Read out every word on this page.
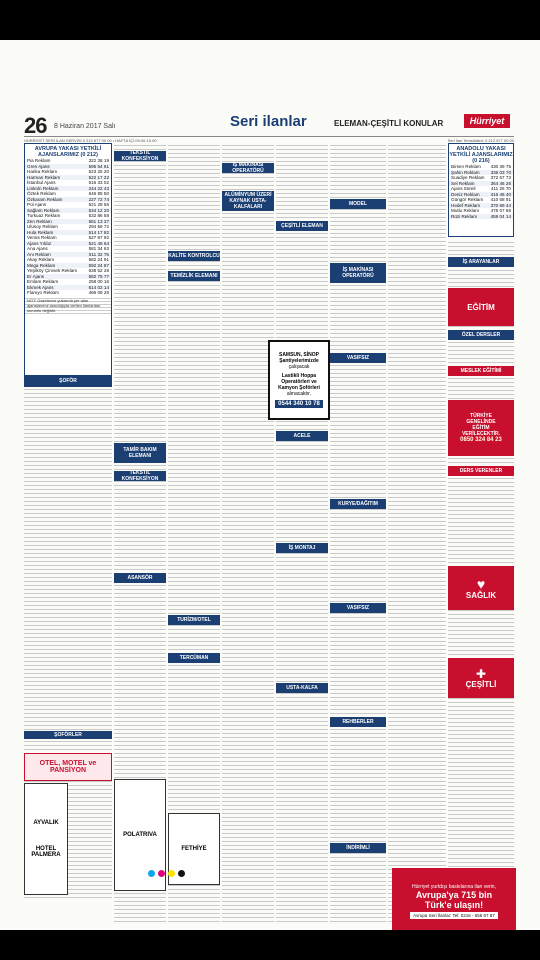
26 8 Haziran 2017 Salı	Seri ilanlar	ELEMAN-ÇEŞİTLİ KONULAR	Hürriyet
HÜRRİYET SERİ İLAN SERVİSİ 0 212 677 00 00 • HAFTA İÇİ 09.00-19.00	Seri İlan Temsilcileri: 0 212 677 00 00
AVRUPA YAKASI YETKİLİ AJANSLARIMIZ (0 212)
Pia Reklam	322 38 19
Gren Ajans	595 54 61
Harika Reklam	523 25 20
Harman Reklam	522 17 22
İstanbul Ajans	516 33 02
Linkoln Reklam	244 22 43
Öztek Reklam	646 85 50
Özkaram Reklam	227 72 74
Pol Ajans	521 28 56
Sağlam Reklam	534 12 20
Turkuaz Reklam	632 86 58
Zen Reklam	561 13 37
Ulusoy Reklam	294 59 72
Hula Reklam	514 17 82
Venüs Reklam	527 97 92
Ajans Yıldız	521 46 64
Ana Ajans	581 34 63
Anı Reklam	511 32 75
Akay Reklam	582 24 91
Mega Reklam	592 24 87
Yeşilköy Çimsek Reklam	638 52 28
Er Ajans	582 75 77
Emlam Reklam	258 00 16
Ekmek Ajans	614 02 14
Flamyo Reklam	466 08 26
NOT: Gazetemiz yukarıda yer alan ajanslarımız aracılığıyla verilen ilanlardan sorumlu değildir.
ŞOFÖR
ŞOFÖRLER
OTEL, MOTEL ve PANSİYON
AYVALIK
HOTEL PALMERA
TEKSTİL KONFEKSİYON
TAMİR BAKIM ELEMANI
TEKSTİL KONFEKSİYON
ASANSÖR
POLATRIVA
KALİTE KONTROLCU
TEMİZLİK ELEMANI
TURİZM/OTEL
TERCÜMAN
FETHİYE
İŞ MAKİNASI OPERATÖRÜ
ALÜMİNYUM ÜZERİ KAYNAK USTA-KALFALARI
ÇEŞİTLİ ELEMAN
ACELE
İŞ MONTAJ
USTA-KALFA
SAMSUN, SİNOP
Şantiyelerimizde
çalışacak
Lastikli Hoppa
Operatörleri ve
Kamyon Şoförleri
alınacaktır.
0544 340 10 78
MODEL
İŞ MAKİNASI OPERATÖRÜ
VASIFSIZ
KURYE/DAĞITIM
VASIFSIZ
REHBERLER
İNDİRİMLİ
ANADOLU YAKASI YETKİLİ AJANSLARIMIZ (0 216)
Birsen Reklam	430 39 75
Şahin Reklam	336 03 70
Suadiye Reklam	372 67 73
Sel Reklam	364 46 26
Ajans Süreli	411 26 70
Deniz Reklam	416 46 40
Güngör Reklam	410 58 91
Hedef Reklam	370 69 44
Mutlu Reklam	476 07 66
Rüzi Reklam	459 04 14
İŞ ARAYANLAR
EĞİTİM
ÖZEL DERSLER
MESLEK EĞİTİMİ
TÜRKİYE
GENELİNDE
EĞİTİM
VERİLECEKTİR.
0850 324 84 23
DERS VERENLER
♥
SAĞLIK
✚
ÇEŞİTLİ
Hürriyet yurtdışı baskılarına ilan verin,
Avrupa'ya 715 bin
Türk'e ulaşın!
Avrupa Seri İlanlar: Tel: 0216 - 556 67 87
